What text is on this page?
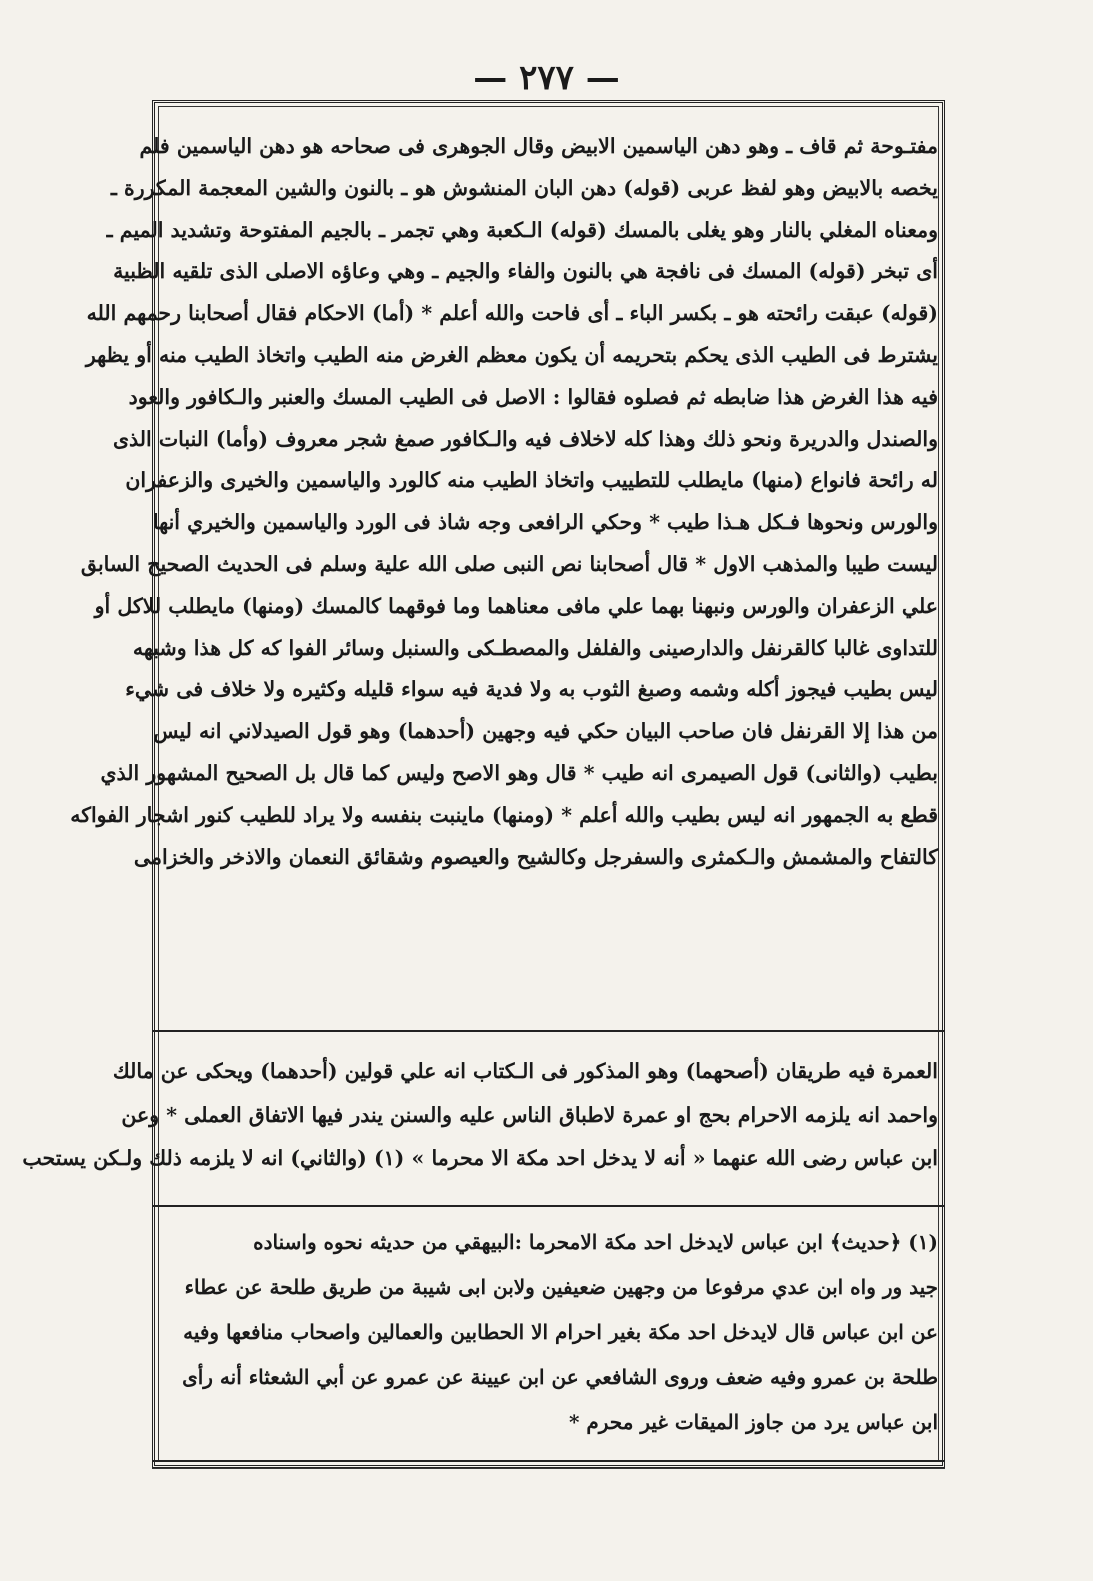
— ٢٧٧ —
مفتـوحة ثم قاف ـ وهو دهن الياسمين الابيض وقال الجوهرى فى صحاحه هو دهن الياسمين فلم
يخصه بالابيض وهو لفظ عربى (قوله) دهن البان المنشوش هو ـ بالنون والشين المعجمة المكررة ـ
ومعناه المغلي بالنار وهو يغلى بالمسك (قوله) الـكعبة وهي تجمر ـ بالجيم المفتوحة وتشديد الميم ـ
أى تبخر (قوله) المسك فى نافجة هي بالنون والفاء والجيم ـ وهي وعاؤه الاصلى الذى تلقيه الظبية
(قوله) عبقت رائحته هو ـ بكسر الباء ـ أى فاحت والله أعلم * (أما) الاحكام فقال أصحابنا رحمهم الله
يشترط فى الطيب الذى يحكم بتحريمه أن يكون معظم الغرض منه الطيب واتخاذ الطيب منه أو يظهر
فيه هذا الغرض هذا ضابطه ثم فصلوه فقالوا : الاصل فى الطيب المسك والعنبر والـكافور والعود
والصندل والدريرة ونحو ذلك وهذا كله لاخلاف فيه والـكافور صمغ شجر معروف (وأما) النبات الذى
له رائحة فانواع (منها) مايطلب للتطييب واتخاذ الطيب منه كالورد والياسمين والخيرى والزعفران
والورس ونحوها فـكل هـذا طيب * وحكي الرافعى وجه شاذ فى الورد والياسمين والخيري أنها
ليست طيبا والمذهب الاول * قال أصحابنا نص النبى صلى الله علية وسلم فى الحديث الصحيح السابق
علي الزعفران والورس ونبهنا بهما علي مافى معناهما وما فوقهما كالمسك (ومنها) مايطلب للاكل أو
للتداوى غالبا كالقرنفل والدارصينى والفلفل والمصطـكى والسنبل وسائر الفوا كه كل هذا وشبهه
ليس بطيب فيجوز أكله وشمه وصبغ الثوب به ولا فدية فيه سواء قليله وكثيره ولا خلاف فى شيء
من هذا إلا القرنفل فان صاحب البيان حكي فيه وجهين (أحدهما) وهو قول الصيدلاني انه ليس
بطيب (والثانى) قول الصيمرى انه طيب * قال وهو الاصح وليس كما قال بل الصحيح المشهور الذي
قطع به الجمهور انه ليس بطيب والله أعلم * (ومنها) ماينبت بنفسه ولا يراد للطيب كنور اشجار الفواكه
كالتفاح والمشمش والـكمثرى والسفرجل وكالشيح والعيصوم وشقائق النعمان والاذخر والخزامى
العمرة فيه طريقان (أصحهما) وهو المذكور فى الـكتاب انه علي قولين (أحدهما) ويحكى عن مالك
واحمد انه يلزمه الاحرام بحج او عمرة لاطباق الناس عليه والسنن يندر فيها الاتفاق العملى * وعن
ابن عباس رضى الله عنهما « أنه لا يدخل احد مكة الا محرما » (١) (والثاني) انه لا يلزمه ذلك ولـكن يستحب
(١) ﴿حديث﴾ ابن عباس لايدخل احد مكة الامحرما :البيهقي من حديثه نحوه واسناده
جيد ور واه ابن عدي مرفوعا من وجهين ضعيفين ولابن ابى شيبة من طريق طلحة عن عطاء
عن ابن عباس قال لايدخل احد مكة بغير احرام الا الحطابين والعمالين واصحاب منافعها وفيه
طلحة بن عمرو وفيه ضعف وروى الشافعي عن ابن عيينة عن عمرو عن أبي الشعثاء أنه رأى
ابن عباس يرد من جاوز الميقات غير محرم *
